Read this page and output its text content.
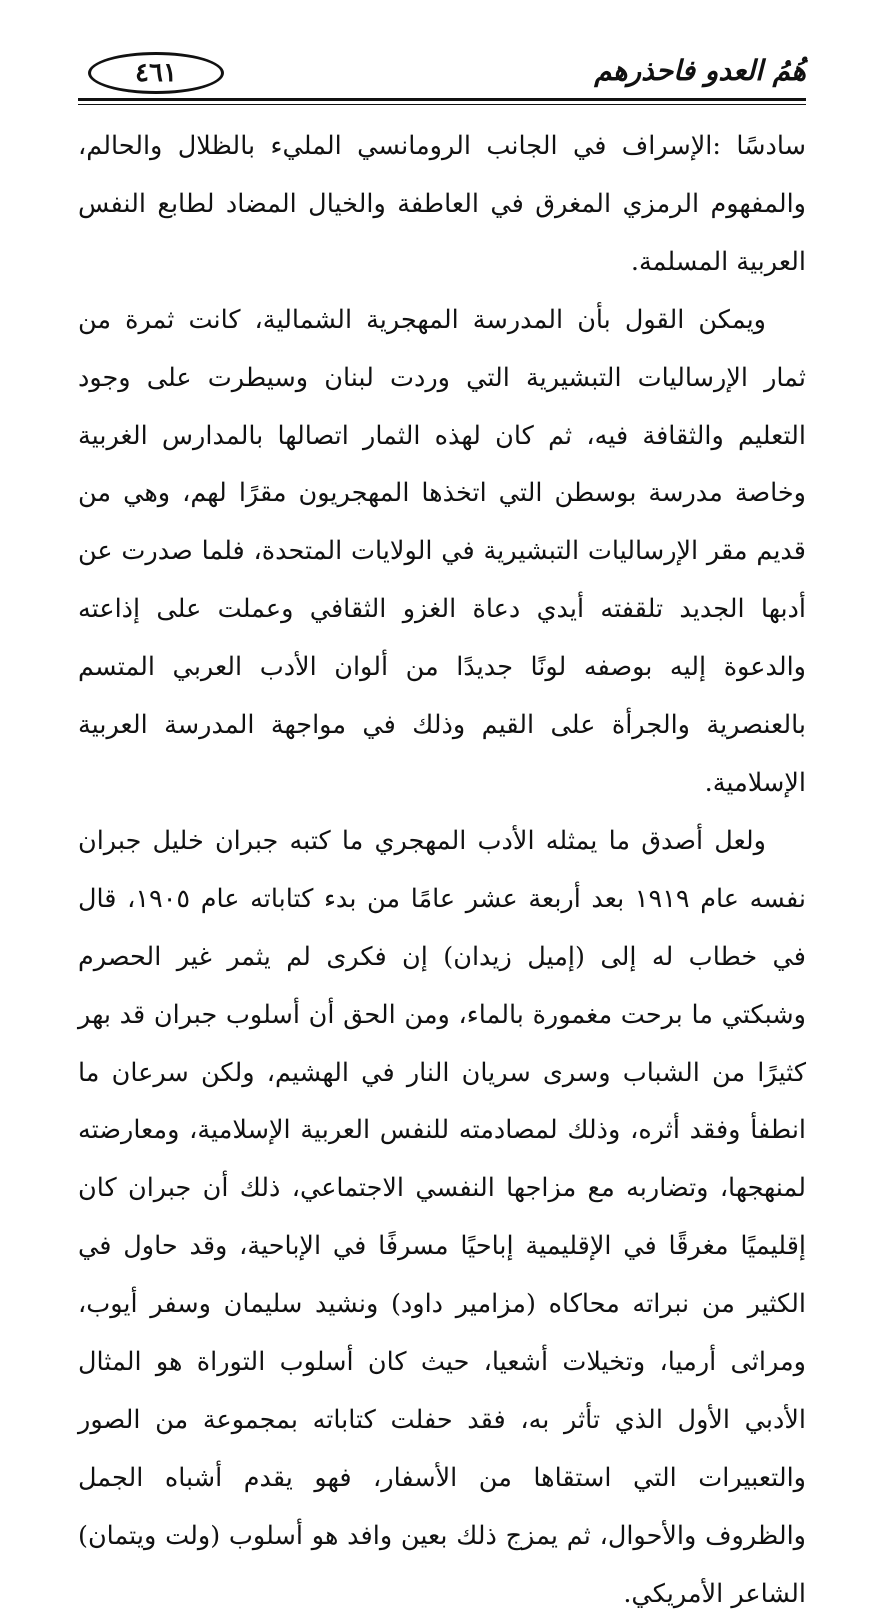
٤٦١	هُمُ العدو فاحذرهم

سادسًا :الإسراف في الجانب الرومانسي المليء بالظلال والحالم، والمفهوم الرمزي المغرق في العاطفة والخيال المضاد لطابع النفس العربية المسلمة.

ويمكن القول بأن المدرسة المهجرية الشمالية، كانت ثمرة من ثمار الإرساليات التبشيرية التي وردت لبنان وسيطرت على وجود التعليم والثقافة فيه، ثم كان لهذه الثمار اتصالها بالمدارس الغربية وخاصة مدرسة بوسطن التي اتخذها المهجريون مقرًا لهم، وهي من قديم مقر الإرساليات التبشيرية في الولايات المتحدة، فلما صدرت عن أدبها الجديد تلقفته أيدي دعاة الغزو الثقافي وعملت على إذاعته والدعوة إليه بوصفه لونًا جديدًا من ألوان الأدب العربي المتسم بالعنصرية والجرأة على القيم وذلك في مواجهة المدرسة العربية الإسلامية.

ولعل أصدق ما يمثله الأدب المهجري ما كتبه جبران خليل جبران نفسه عام ١٩١٩ بعد أربعة عشر عامًا من بدء كتاباته عام ١٩٠٥، قال في خطاب له إلى (إميل زيدان) إن فكرى لم يثمر غير الحصرم وشبكتي ما برحت مغمورة بالماء، ومن الحق أن أسلوب جبران قد بهر كثيرًا من الشباب وسرى سريان النار في الهشيم، ولكن سرعان ما انطفأ وفقد أثره، وذلك لمصادمته للنفس العربية الإسلامية، ومعارضته لمنهجها، وتضاربه مع مزاجها النفسي الاجتماعي، ذلك أن جبران كان إقليميًا مغرقًا في الإقليمية إباحيًا مسرفًا في الإباحية، وقد حاول في الكثير من نبراته محاكاه (مزامير داود) ونشيد سليمان وسفر أيوب، ومراثى أرميا، وتخيلات أشعيا، حيث كان أسلوب التوراة هو المثال الأدبي الأول الذي تأثر به، فقد حفلت كتاباته بمجموعة من الصور والتعبيرات التي استقاها من الأسفار، فهو يقدم أشباه الجمل والظروف والأحوال، ثم يمزج ذلك بعين وافد هو أسلوب (ولت ويتمان) الشاعر الأمريكي.
